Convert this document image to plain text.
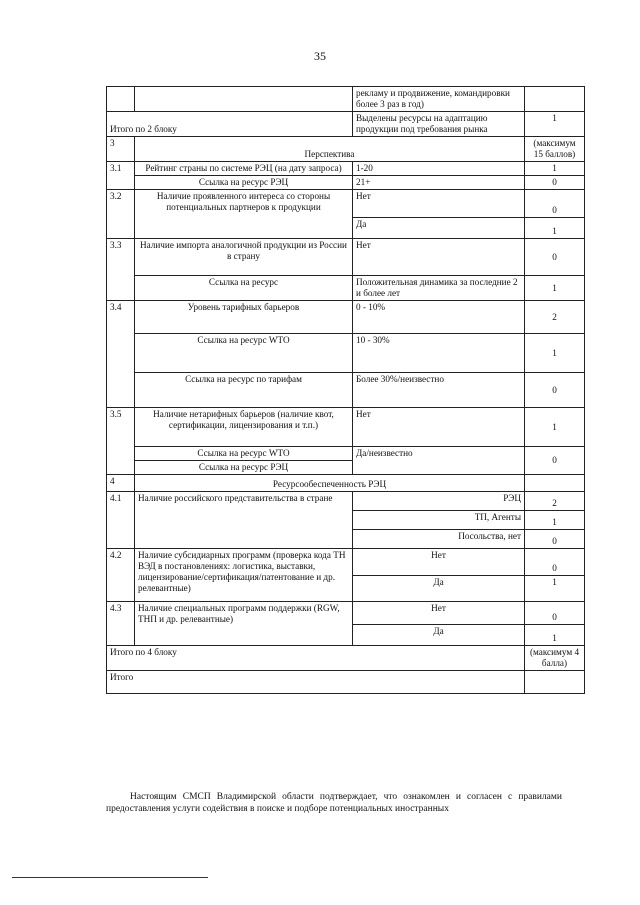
35
		рекламу и продвижение, командировки более 3 раз в год)	
Итого по 2 блоку		Выделены ресурсы на адаптацию продукции под требования рынка	1
3	Перспектива		(максимум 15 баллов)
3.1	Рейтинг страны по системе РЭЦ (на дату запроса)	1-20	1
	Ссылка на ресурс РЭЦ	21+	0
3.2	Наличие проявленного интереса со стороны потенциальных партнеров к продукции	Нет	0
		Да	1
3.3	Наличие импорта аналогичной продукции из России в страну	Нет	0
	Ссылка на ресурс	Положительная динамика за последние 2 и более лет	1
3.4	Уровень тарифных барьеров	0 - 10%	2
	Ссылка на ресурс WTO	10 - 30%	1
	Ссылка на ресурс по тарифам	Более 30%/неизвестно	0
3.5	Наличие нетарифных барьеров (наличие квот, сертификации, лицензирования и т.п.)	Нет	1
	Ссылка на ресурс WTO	Да/неизвестно	0
	Ссылка на ресурс РЭЦ		
4	Ресурсообеспеченность РЭЦ		
4.1	Наличие российского представительства в стране	РЭЦ	2
		ТП, Агенты	1
		Посольства, нет	0
4.2	Наличие субсидиарных программ (проверка кода ТН ВЭД в постановлениях: логистика, выставки, лицензирование/сертификация/патентование и др. релевантные)	Нет	0
		Да	1
4.3	Наличие специальных программ поддержки (RGW, ТНП и др. релевантные)	Нет	0
		Да	1
Итого по 4 блоку			(максимум 4 балла)
Итого			
Настоящим СМСП Владимирской области подтверждает, что ознакомлен и согласен с правилами предоставления услуги содействия в поиске и подборе потенциальных иностранных
